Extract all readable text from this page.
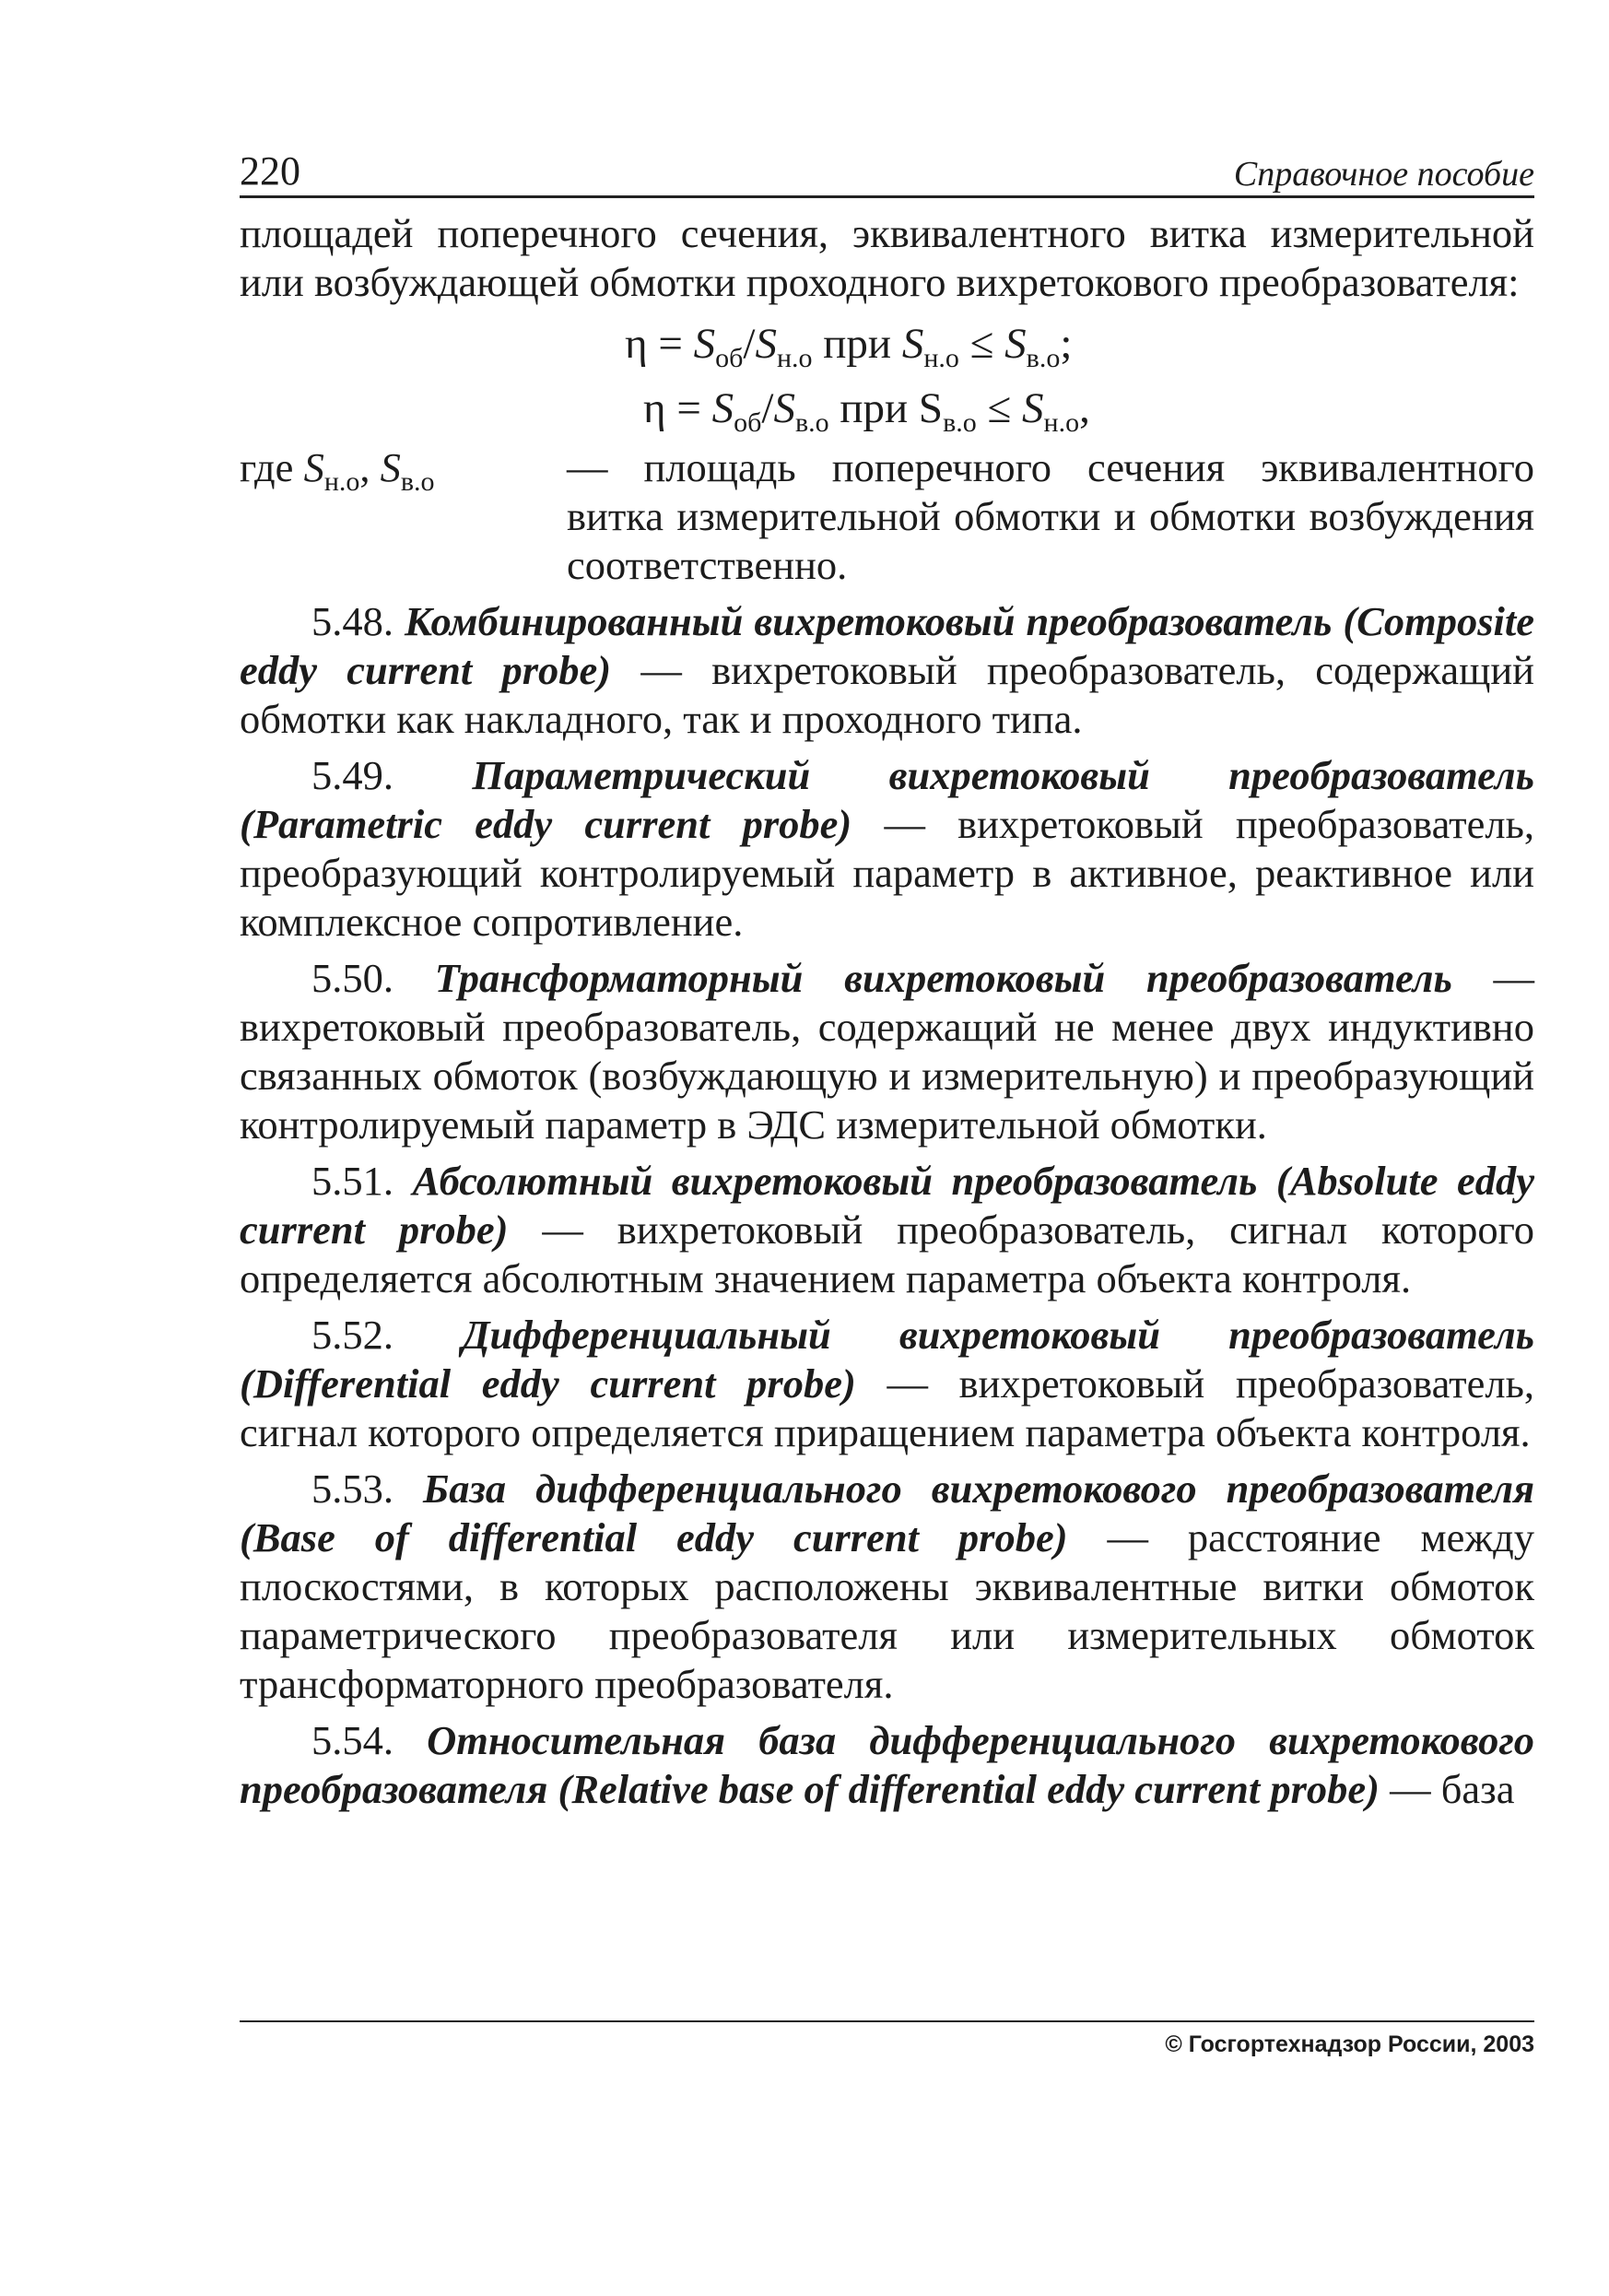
220	Справочное пособие

площадей поперечного сечения, эквивалентного витка измерительной или возбуждающей обмотки проходного вихретокового преобразователя:

$\eta = S_{об}/S_{н.о}$ при $S_{н.о} \le S_{в.о}$;
$\eta = S_{об}/S_{в.о}$ при $S_{в.о} \le S_{н.о}$,
где $S_{н.о}$, $S_{в.о}$	— площадь поперечного сечения эквивалентного витка измерительной обмотки и обмотки возбуждения соответственно.

5.48. Комбинированный вихретоковый преобразователь (Composite eddy current probe) — вихретоковый преобразователь, содержащий обмотки как накладного, так и проходного типа.

5.49. Параметрический вихретоковый преобразователь (Parametric eddy current probe) — вихретоковый преобразователь, преобразующий контролируемый параметр в активное, реактивное или комплексное сопротивление.

5.50. Трансформаторный вихретоковый преобразователь — вихретоковый преобразователь, содержащий не менее двух индуктивно связанных обмоток (возбуждающую и измерительную) и преобразующий контролируемый параметр в ЭДС измерительной обмотки.

5.51. Абсолютный вихретоковый преобразователь (Absolute eddy current probe) — вихретоковый преобразователь, сигнал которого определяется абсолютным значением параметра объекта контроля.

5.52. Дифференциальный вихретоковый преобразователь (Differential eddy current probe) — вихретоковый преобразователь, сигнал которого определяется приращением параметра объекта контроля.

5.53. База дифференциального вихретокового преобразователя (Base of differential eddy current probe) — расстояние между плоскостями, в которых расположены эквивалентные витки обмоток параметрического преобразователя или измерительных обмоток трансформаторного преобразователя.

5.54. Относительная база дифференциального вихретокового преобразователя (Relative base of differential eddy current probe) — база

© Госгортехнадзор России, 2003
